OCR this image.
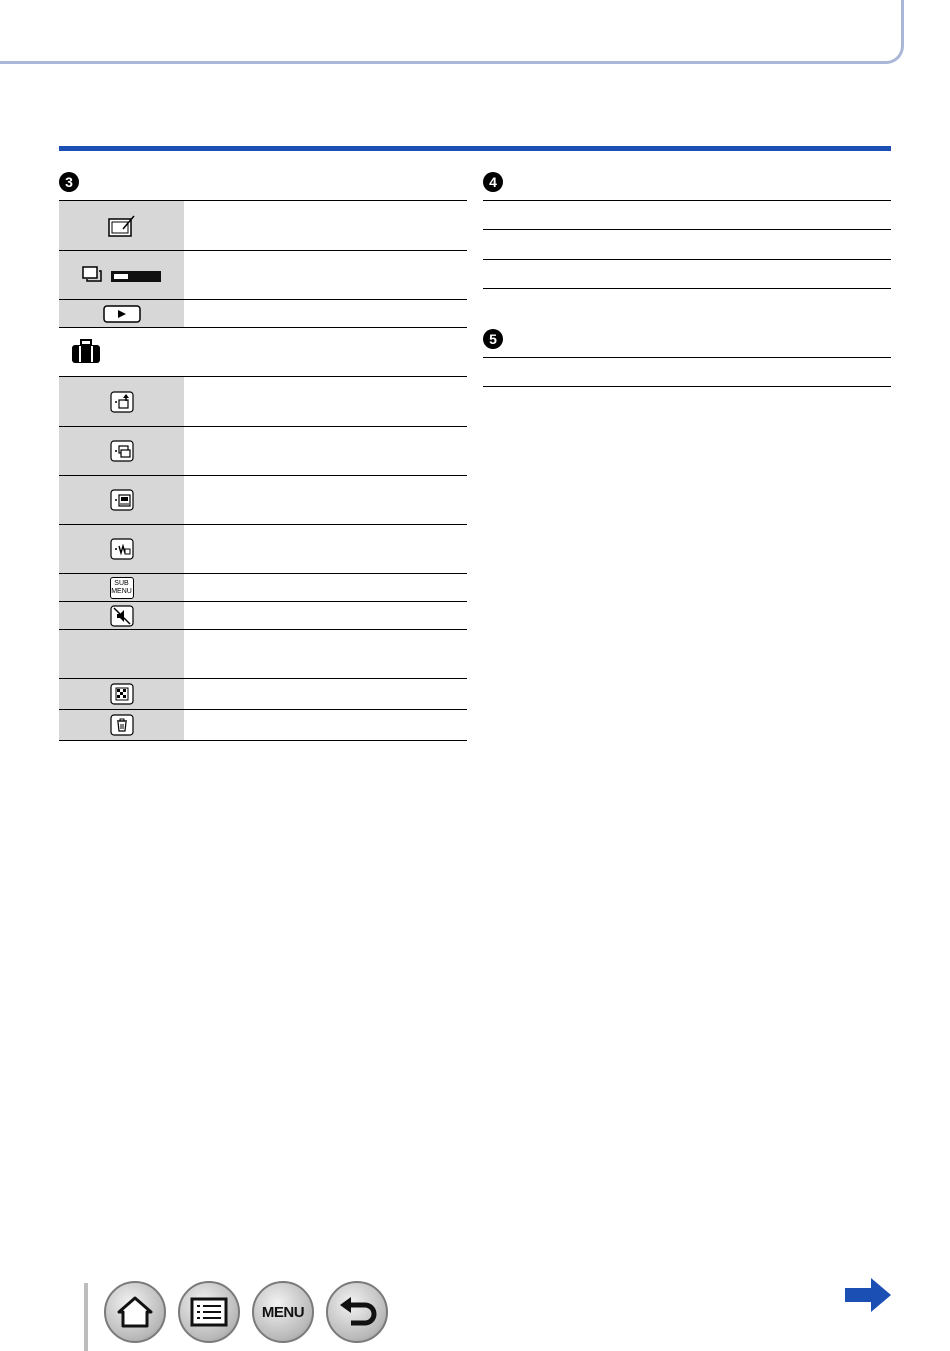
3
SUB
MENU
4
5
MENU
